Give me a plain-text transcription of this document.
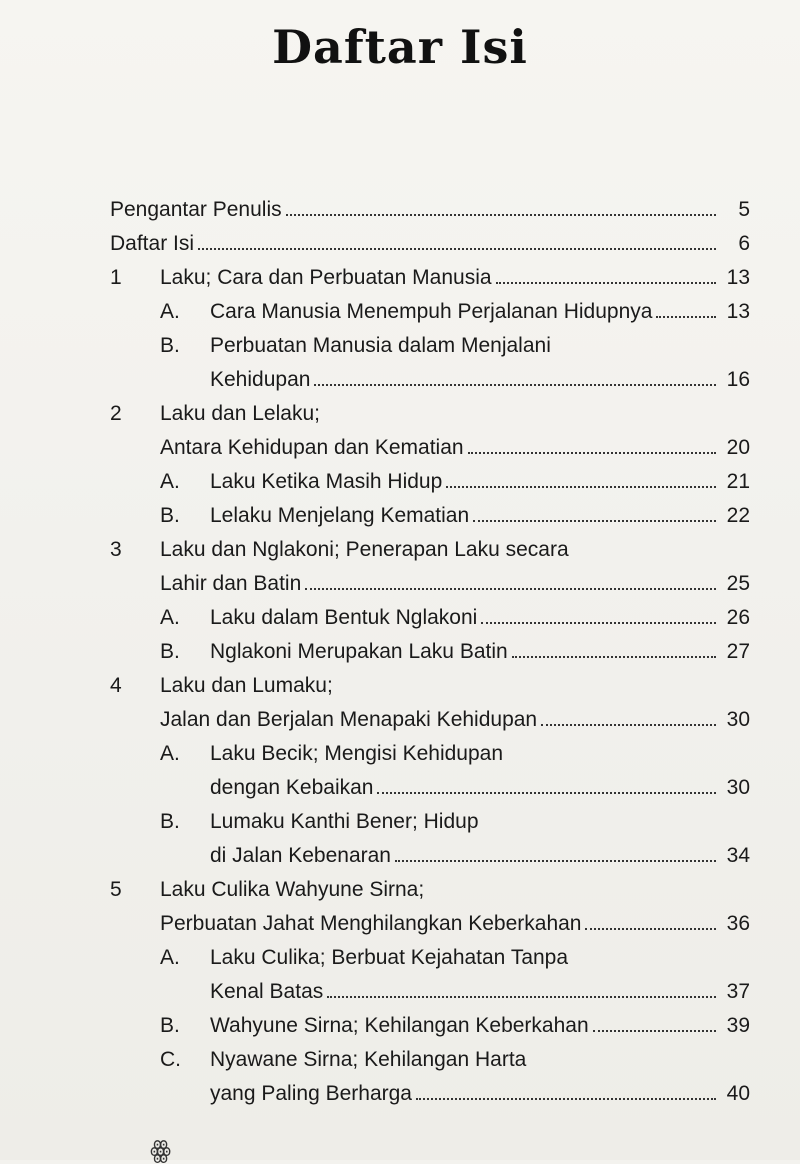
Daftar Isi
Pengantar Penulis	5
Daftar Isi	6
1	Laku; Cara dan Perbuatan Manusia	13
A.	Cara Manusia Menempuh Perjalanan Hidupnya	13
B.	Perbuatan Manusia dalam Menjalani
Kehidupan	16
2	Laku dan Lelaku;
Antara Kehidupan dan Kematian	20
A.	Laku Ketika Masih Hidup	21
B.	Lelaku Menjelang Kematian	22
3	Laku dan Nglakoni; Penerapan Laku secara
Lahir dan Batin	25
A.	Laku dalam Bentuk Nglakoni	26
B.	Nglakoni Merupakan Laku Batin	27
4	Laku dan Lumaku;
Jalan dan Berjalan Menapaki Kehidupan	30
A.	Laku Becik; Mengisi Kehidupan
dengan Kebaikan	30
B.	Lumaku Kanthi Bener; Hidup
di Jalan Kebenaran	34
5	Laku Culika Wahyune Sirna;
Perbuatan Jahat Menghilangkan Keberkahan	36
A.	Laku Culika; Berbuat Kejahatan Tanpa
Kenal Batas	37
B.	Wahyune Sirna; Kehilangan Keberkahan	39
C.	Nyawane Sirna; Kehilangan Harta
yang Paling Berharga	40
ꙮ
